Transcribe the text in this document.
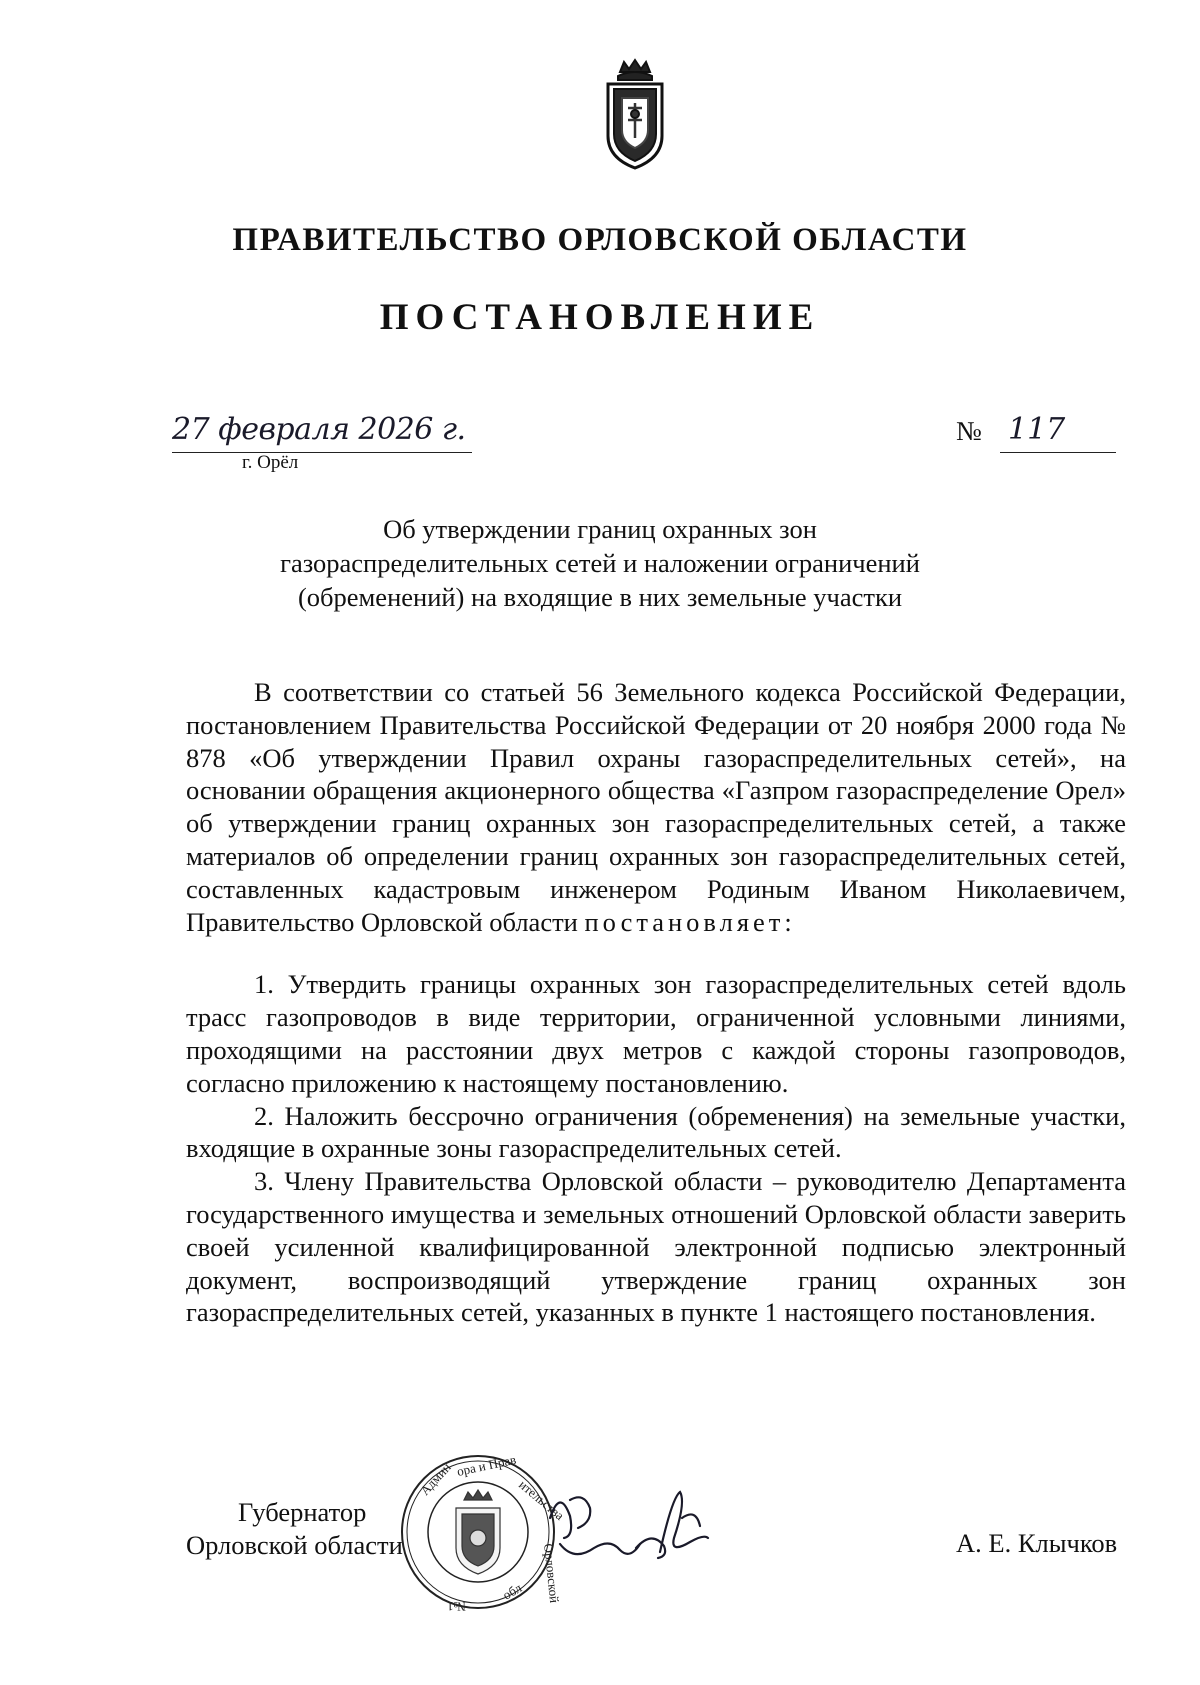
ПРАВИТЕЛЬСТВО ОРЛОВСКОЙ ОБЛАСТИ
ПОСТАНОВЛЕНИЕ
27 февраля 2026 г.
г. Орёл
№ 117
Об утверждении границ охранных зон
газораспределительных сетей и наложении ограничений
(обременений) на входящие в них земельные участки

В соответствии со статьей 56 Земельного кодекса Российской Федерации, постановлением Правительства Российской Федерации от 20 ноября 2000 года № 878 «Об утверждении Правил охраны газораспределительных сетей», на основании обращения акционерного общества «Газпром газораспределение Орел» об утверждении границ охранных зон газораспределительных сетей, а также материалов об определении границ охранных зон газораспределительных сетей, составленных кадастровым инженером Родиным Иваном Николаевичем, Правительство Орловской области постановляет:

1. Утвердить границы охранных зон газораспределительных сетей вдоль трасс газопроводов в виде территории, ограниченной условными линиями, проходящими на расстоянии двух метров с каждой стороны газопроводов, согласно приложению к настоящему постановлению.

2. Наложить бессрочно ограничения (обременения) на земельные участки, входящие в охранные зоны газораспределительных сетей.

3. Члену Правительства Орловской области – руководителю Департамента государственного имущества и земельных отношений Орловской области заверить своей усиленной квалифицированной электронной подписью электронный документ, воспроизводящий утверждение границ охранных зон газораспределительных сетей, указанных в пункте 1 настоящего постановления.

Губернатор
Орловской области	А. Е. Клычков
Админ ора и Прав
ительства
Орловской
обл
№1
